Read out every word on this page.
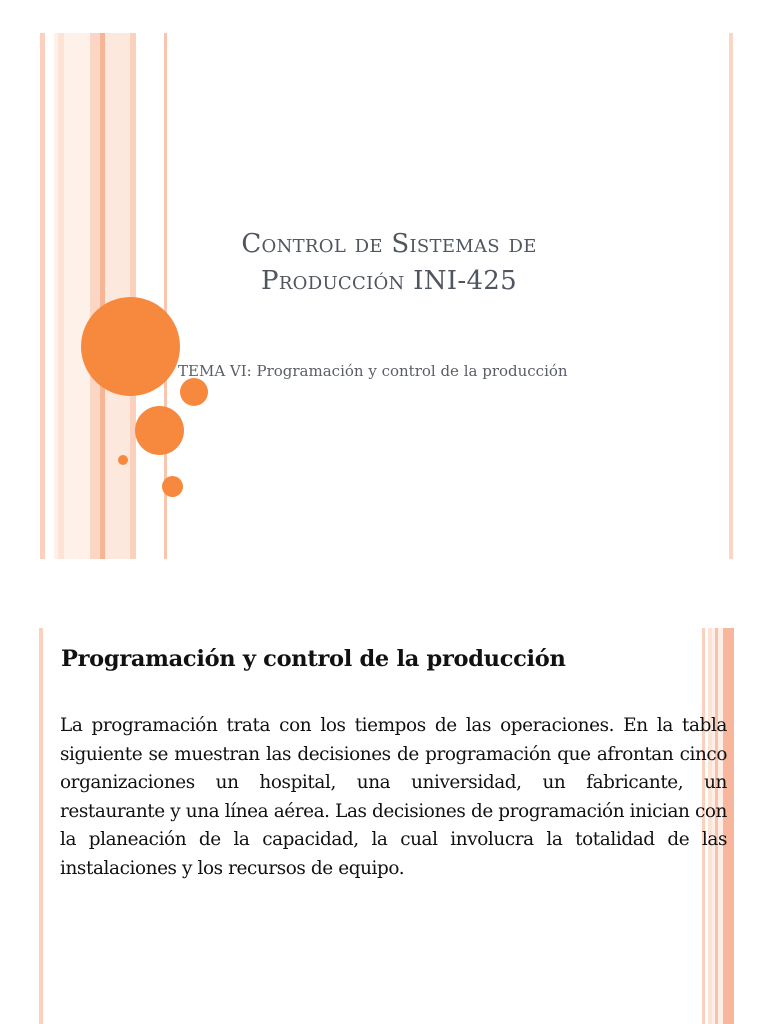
Control de Sistemas de
Producción INI-425
TEMA VI: Programación y control de la producción
Programación y control de la producción
La programación trata con los tiempos de las operaciones. En la tabla siguiente se muestran las decisiones de programación que afrontan cinco organizaciones un hospital, una universidad, un fabricante, un restaurante y una línea aérea. Las decisiones de programación inician con la planeación de la capacidad, la cual involucra la totalidad de las instalaciones y los recursos de equipo.
